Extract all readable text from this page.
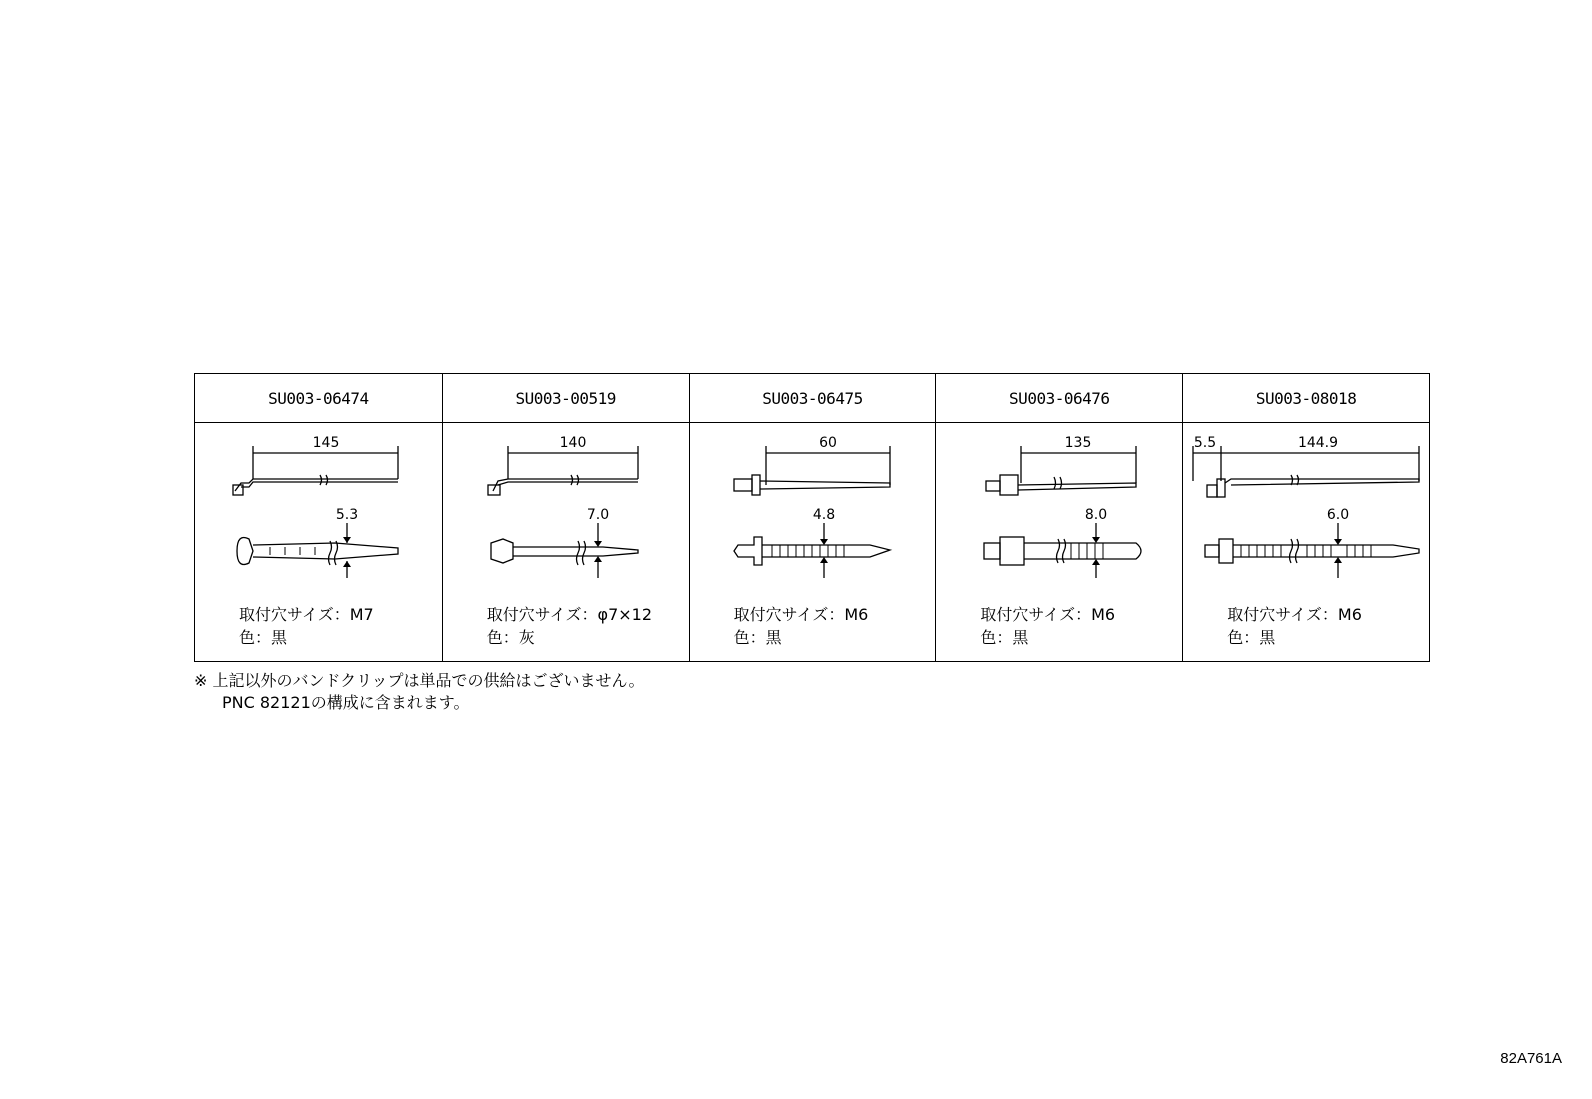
SU003-06474
145
5.3
取付穴サイズ：M7
色：黒
SU003-00519
140
7.0
取付穴サイズ：φ7×12
色：灰
SU003-06475
60
4.8
取付穴サイズ：M6
色：黒
SU003-06476
135
8.0
取付穴サイズ：M6
色：黒
SU003-08018
5.5	144.9
6.0
取付穴サイズ：M6
色：黒
※ 上記以外のバンドクリップは単品での供給はございません。
PNC 82121の構成に含まれます。
82A761A
